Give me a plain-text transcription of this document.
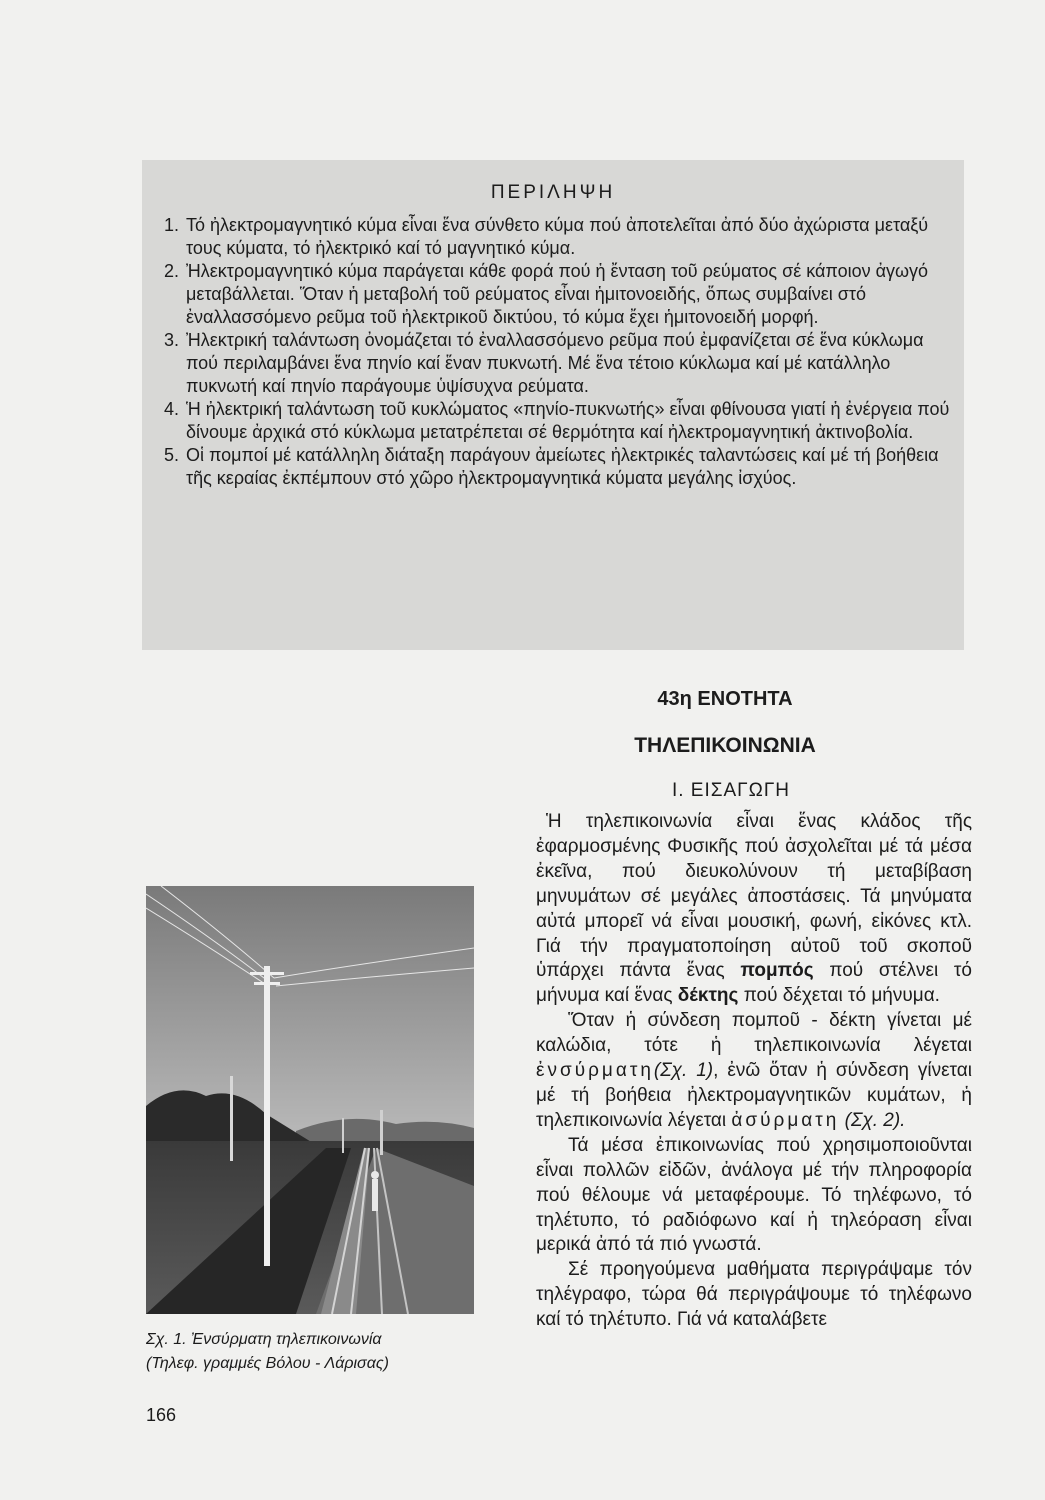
ΠΕΡΙΛΗΨΗ
1. Τό ἠλεκτρομαγνητικό κύμα εἶναι ἕνα σύνθετο κύμα πού ἀποτελεῖται ἀπό δύο ἀχώριστα μεταξύ τους κύματα, τό ἠλεκτρικό καί τό μαγνητικό κύμα.
2. Ἠλεκτρομαγνητικό κύμα παράγεται κάθε φορά πού ἡ ἔνταση τοῦ ρεύματος σέ κάποιον ἀγωγό μεταβάλλεται. Ὅταν ἡ μεταβολή τοῦ ρεύματος εἶναι ἡμιτονοειδής, ὅπως συμβαίνει στό ἐναλλασσόμενο ρεῦμα τοῦ ἠλεκτρικοῦ δικτύου, τό κύμα ἔχει ἡμιτονοειδή μορφή.
3. Ἠλεκτρική ταλάντωση ὀνομάζεται τό ἐναλλασσόμενο ρεῦμα πού ἐμφανίζεται σέ ἕνα κύκλωμα πού περιλαμβάνει ἕνα πηνίο καί ἕναν πυκνωτή. Μέ ἕνα τέτοιο κύκλωμα καί μέ κατάλληλο πυκνωτή καί πηνίο παράγουμε ὑψίσυχνα ρεύματα.
4. Ἡ ἠλεκτρική ταλάντωση τοῦ κυκλώματος «πηνίο-πυκνωτής» εἶναι φθίνουσα γιατί ἡ ἐνέργεια πού δίνουμε ἀρχικά στό κύκλωμα μετατρέπεται σέ θερμότητα καί ἠλεκτρομαγνητική ἀκτινοβολία.
5. Οἱ πομποί μέ κατάλληλη διάταξη παράγουν ἀμείωτες ἠλεκτρικές ταλαντώσεις καί μέ τή βοήθεια τῆς κεραίας ἐκπέμπουν στό χῶρο ἠλεκτρομαγνητικά κύματα μεγάλης ἰσχύος.
43η ΕΝΟΤΗΤΑ
ΤΗΛΕΠΙΚΟΙΝΩΝΙΑ
Ι. ΕΙΣΑΓΩΓΗ

Ἡ τηλεπικοινωνία εἶναι ἕνας κλάδος τῆς ἐφαρμοσμένης Φυσικῆς πού ἀσχολεῖται μέ τά μέσα ἐκεῖνα, πού διευκολύνουν τή μεταβίβαση μηνυμάτων σέ μεγάλες ἀποστάσεις. Τά μηνύματα αὐτά μπορεῖ νά εἶναι μουσική, φωνή, εἰκόνες κτλ. Γιά τήν πραγματοποίηση αὐτοῦ τοῦ σκοποῦ ὑπάρχει πάντα ἕνας πομπός πού στέλνει τό μήνυμα καί ἕνας δέκτης πού δέχεται τό μήνυμα.

Ὅταν ἡ σύνδεση πομποῦ - δέκτη γίνεται μέ καλώδια, τότε ἡ τηλεπικοινωνία λέγεται ἐνσύρματη(Σχ. 1), ἐνῶ ὅταν ἡ σύνδεση γίνεται μέ τή βοήθεια ἠλεκτρομαγνητικῶν κυμάτων, ἡ τηλεπικοινωνία λέγεται ἀσύρματη (Σχ. 2).

Τά μέσα ἐπικοινωνίας πού χρησιμοποιοῦνται εἶναι πολλῶν εἰδῶν, ἀνάλογα μέ τήν πληροφορία πού θέλουμε νά μεταφέρουμε. Τό τηλέφωνο, τό τηλέτυπο, τό ραδιόφωνο καί ἡ τηλεόραση εἶναι μερικά ἀπό τά πιό γνωστά.

Σέ προηγούμενα μαθήματα περιγράψαμε τόν τηλέγραφο, τώρα θά περιγράψουμε τό τηλέφωνο καί τό τηλέτυπο. Γιά νά καταλάβετε

Σχ. 1. Ἐνσύρματη τηλεπικοινωνία
(Τηλεφ. γραμμές Βόλου - Λάρισας)
166
